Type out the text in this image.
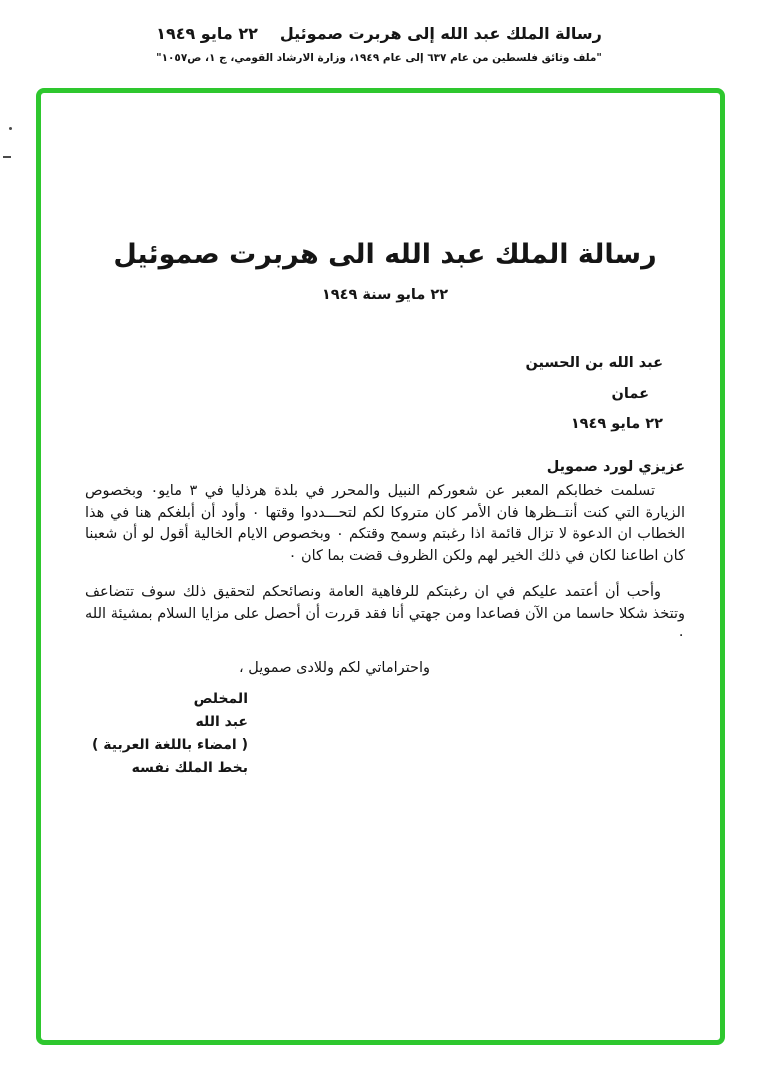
رسالة الملك عبد الله إلى هربرت صموئيل
٢٢ مايو ١٩٤٩
"ملف وثائق فلسطين من عام ٦٣٧ إلى عام ١٩٤٩، وزارة الارشاد القومي، ج ١، ص١٠٥٧"
رسالة الملك عبد الله الى هربرت صموئيل
٢٢ مايو سنة ١٩٤٩
عبد الله بن الحسين
عمان
٢٢ مايو ١٩٤٩
عزيزي لورد صمويل

تسلمت خطابكم المعبر عن شعوركم النبيل والمحرر في بلدة هرذليا في ٣ مايو٠ وبخصوص الزيارة التي كنت أنتــظرها فان الأمر كان متروكا لكم لتحـــددوا وقتها ٠ وأود أن أبلغكم هنا في هذا الخطاب ان الدعوة لا تزال قائمة اذا رغبتم وسمح وقتكم ٠ وبخصوص الايام الخالية أقول لو أن شعبنا كان اطاعنا لكان في ذلك الخير لهم ولكن الظروف قضت بما كان ٠

وأحب أن أعتمد عليكم في ان رغبتكم للرفاهية العامة ونصائحكم لتحقيق ذلك سوف تتضاعف وتتخذ شكلا حاسما من الآن فصاعدا ومن جهتي أنا فقد قررت أن أحصل على مزايا السلام بمشيئة الله ٠

واحتراماتي لكم وللادى صمويل ،
المخلص
عبد الله
( امضاء باللغة العربية )
بخط الملك نفسه
